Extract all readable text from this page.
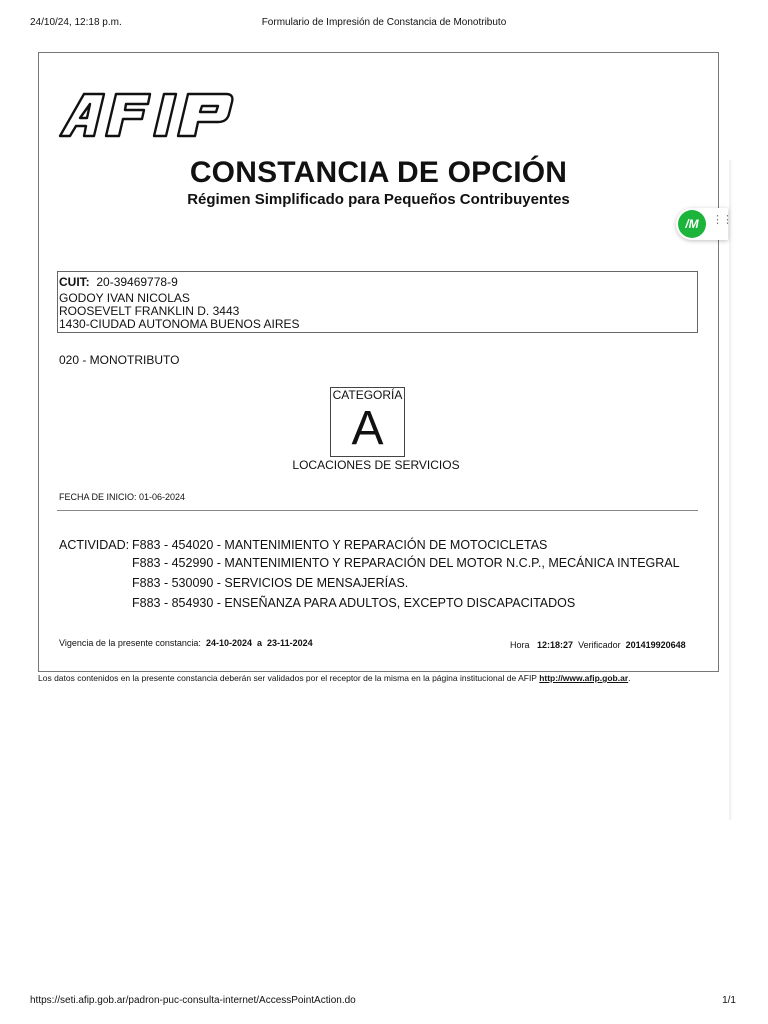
24/10/24, 12:18 p.m.	Formulario de Impresión de Constancia de Monotributo
CONSTANCIA DE OPCIÓN
Régimen Simplificado para Pequeños Contribuyentes
/M	⋮⋮
CUIT: 20-39469778-9
GODOY IVAN NICOLAS
ROOSEVELT FRANKLIN D. 3443
1430-CIUDAD AUTONOMA BUENOS AIRES
020 - MONOTRIBUTO
CATEGORÍA
A
LOCACIONES DE SERVICIOS
FECHA DE INICIO: 01-06-2024
ACTIVIDAD: F883 - 454020 - MANTENIMIENTO Y REPARACIÓN DE MOTOCICLETAS
F883 - 452990 - MANTENIMIENTO Y REPARACIÓN DEL MOTOR N.C.P., MECÁNICA INTEGRAL
F883 - 530090 - SERVICIOS DE MENSAJERÍAS.
F883 - 854930 - ENSEÑANZA PARA ADULTOS, EXCEPTO DISCAPACITADOS
Vigencia de la presente constancia: 24-10-2024 a 23-11-2024	Hora 12:18:27 Verificador 201419920648
Los datos contenidos en la presente constancia deberán ser validados por el receptor de la misma en la página institucional de AFIP http://www.afip.gob.ar.
https://seti.afip.gob.ar/padron-puc-consulta-internet/AccessPointAction.do	1/1
